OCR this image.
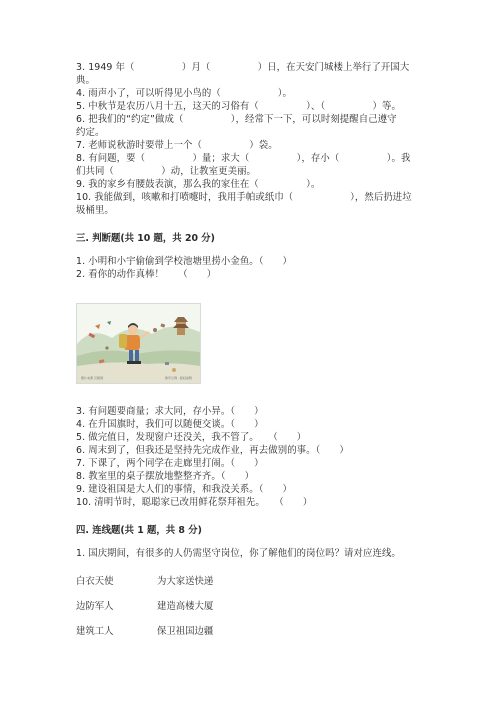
3. 1949 年（　　　　　）月（　　　　　）日，在天安门城楼上举行了开国大
典。
4. 雨声小了，可以听得见小鸟的（　　　　　　）。
5. 中秋节是农历八月十五，这天的习俗有（　　　　　）、（　　　　　）等。
6. 把我们的“约定”做成（　　　　　），经常下一下，可以时刻提醒自己遵守
约定。
7. 老师说秋游时要带上一个（　　　　　）袋。
8. 有问题，要（　　　　　）量；求大（　　　　　），存小（　　　　　）。我
们共同（　　　　　）动，让教室更美丽。
9. 我的家乡有腰鼓表演，那么我的家住在（　　　　　）。
10. 我能做到，咳嗽和打喷嚏时，我用手帕或纸巾（　　　　　　），然后扔进垃
圾桶里。
三. 判断题(共 10 题，共 20 分)
1. 小明和小宇偷偷到学校池塘里捞小金鱼。（　　）
2. 看你的动作真棒！　　（　　）
图片来源 互联网	教学示例 · 版权说明
3. 有问题要商量；求大同，存小异。（　　）
4. 在升国旗时，我们可以随便交谈。（　　）
5. 做完值日，发现窗户还没关，我不管了。　　（　　）
6. 周末到了，但我还是坚持先完成作业，再去做别的事。（　　）
7. 下课了，两个同学在走廊里打闹。（　　）
8. 教室里的桌子摆放地整整齐齐。（　　）
9. 建设祖国是大人们的事情，和我没关系。（　　）
10. 清明节时，聪聪家已改用鲜花祭拜祖先。　　（　　）
四. 连线题(共 1 题，共 8 分)
1. 国庆期间，有很多的人仍需坚守岗位，你了解他们的岗位吗？请对应连线。
白衣天使	为大家送快递
边防军人	建造高楼大厦
建筑工人	保卫祖国边疆
